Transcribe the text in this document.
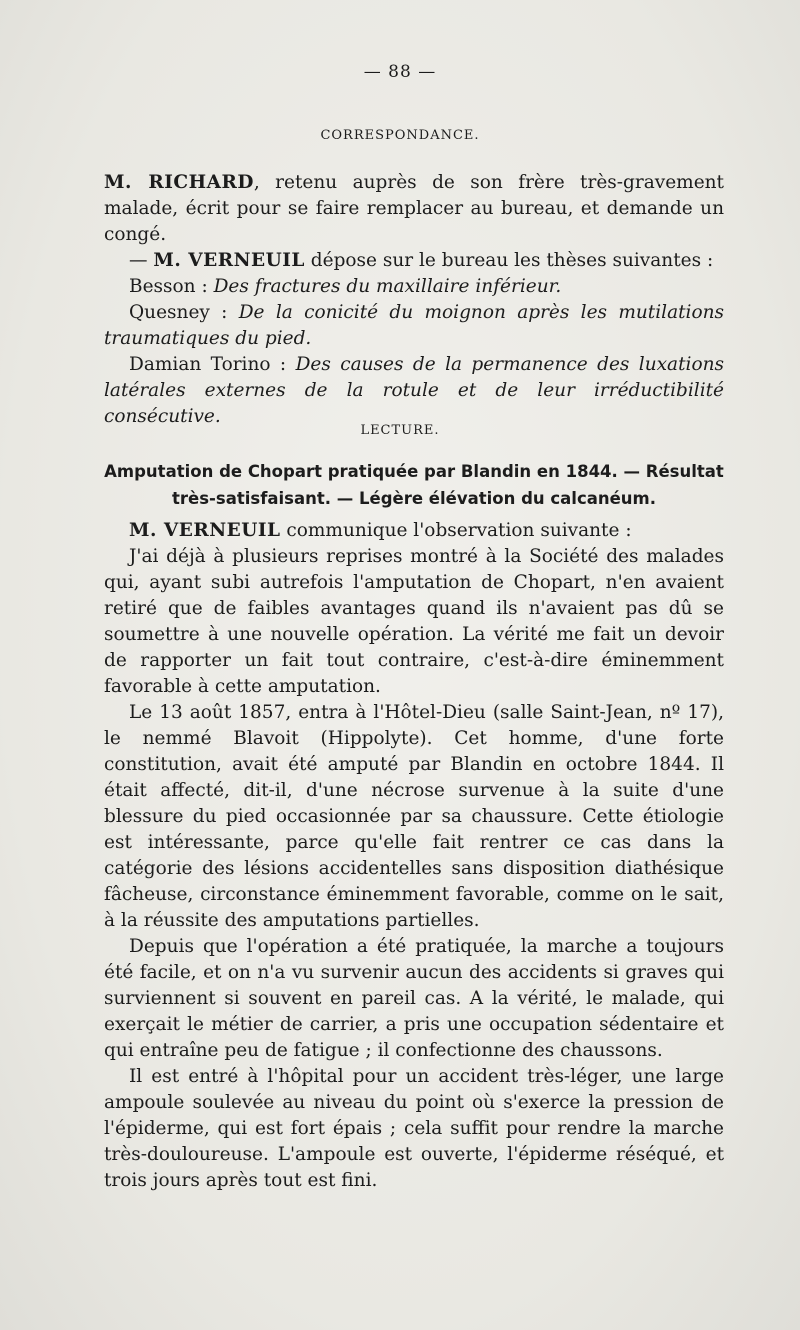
— 88 —
CORRESPONDANCE.

M. RICHARD, retenu auprès de son frère très-gravement malade, écrit pour se faire remplacer au bureau, et demande un congé.

— M. VERNEUIL dépose sur le bureau les thèses suivantes :

Besson : Des fractures du maxillaire inférieur.

Quesney : De la conicité du moignon après les mutilations traumatiques du pied.

Damian Torino : Des causes de la permanence des luxations latérales externes de la rotule et de leur irréductibilité consécutive.

LECTURE.
Amputation de Chopart pratiquée par Blandin en 1844. — Résultat très-satisfaisant. — Légère élévation du calcanéum.

M. VERNEUIL communique l'observation suivante :

J'ai déjà à plusieurs reprises montré à la Société des malades qui, ayant subi autrefois l'amputation de Chopart, n'en avaient retiré que de faibles avantages quand ils n'avaient pas dû se soumettre à une nouvelle opération. La vérité me fait un devoir de rapporter un fait tout contraire, c'est-à-dire éminemment favorable à cette amputation.

Le 13 août 1857, entra à l'Hôtel-Dieu (salle Saint-Jean, nº 17), le nemmé Blavoit (Hippolyte). Cet homme, d'une forte constitution, avait été amputé par Blandin en octobre 1844. Il était affecté, dit-il, d'une nécrose survenue à la suite d'une blessure du pied occasionnée par sa chaussure. Cette étiologie est intéressante, parce qu'elle fait rentrer ce cas dans la catégorie des lésions accidentelles sans disposition diathésique fâcheuse, circonstance éminemment favorable, comme on le sait, à la réussite des amputations partielles.

Depuis que l'opération a été pratiquée, la marche a toujours été facile, et on n'a vu survenir aucun des accidents si graves qui surviennent si souvent en pareil cas. A la vérité, le malade, qui exerçait le métier de carrier, a pris une occupation sédentaire et qui entraîne peu de fatigue ; il confectionne des chaussons.

Il est entré à l'hôpital pour un accident très-léger, une large ampoule soulevée au niveau du point où s'exerce la pression de l'épiderme, qui est fort épais ; cela suffit pour rendre la marche très-douloureuse. L'ampoule est ouverte, l'épiderme réséqué, et trois jours après tout est fini.
